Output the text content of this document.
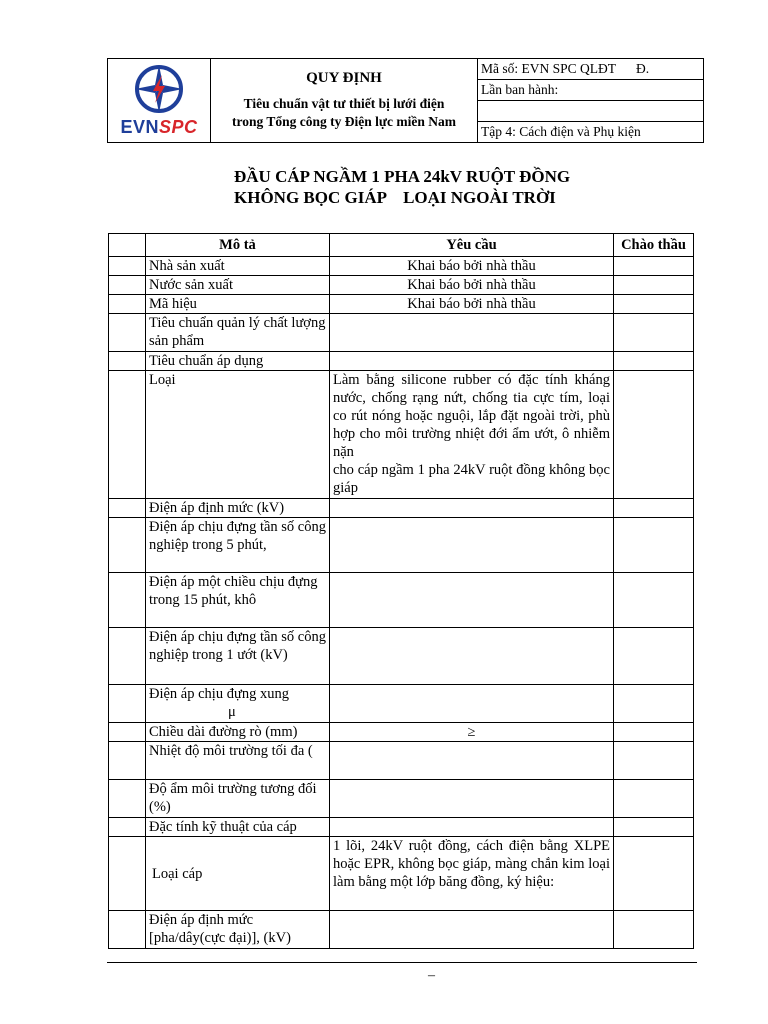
EVNSPC
QUY ĐỊNH
Tiêu chuẩn vật tư thiết bị lưới điện
trong Tổng công ty Điện lực miền Nam
Mã số: EVN SPC QLĐT      Đ.
Lần ban hành:
Tập 4: Cách điện và Phụ kiện
ĐẦU CÁP NGẦM 1 PHA 24kV RUỘT ĐỒNG
KHÔNG BỌC GIÁP    LOẠI NGOÀI TRỜI
	Mô tả	Yêu cầu	Chào thầu
	Nhà sản xuất	Khai báo bởi nhà thầu	
	Nước sản xuất	Khai báo bởi nhà thầu	
	Mã hiệu	Khai báo bởi nhà thầu	
	Tiêu chuẩn quản lý chất lượng sản phẩm		
	Tiêu chuẩn áp dụng		
	Loại	Làm bằng silicone rubber có đặc tính kháng nước, chống rạng nứt, chống tia cực tím, loại co rút nóng hoặc nguội, lắp đặt ngoài trời, phù hợp cho môi trường nhiệt đới ẩm ướt, ô nhiễm nặn
cho cáp ngầm 1 pha 24kV ruột đồng không bọc giáp	

	Điện áp định mức (kV)		
	Điện áp chịu đựng tần số công nghiệp trong 5 phút,		
	Điện áp một chiều chịu đựng trong 15 phút, khô		
	Điện áp chịu đựng tần số công nghiệp trong 1 ướt (kV)		

	Điện áp chịu đựng xung
μ		

	Chiều dài đường rò (mm)	≥	
	Nhiệt độ môi trường tối đa (		
	Độ ẩm môi trường tương đối (%)		
	Đặc tính kỹ thuật của cáp		
	Loại cáp	1 lõi, 24kV ruột đồng, cách điện bằng XLPE hoặc EPR, không bọc giáp, màng chắn kim loại làm bằng một lớp băng đồng, ký hiệu:	
	Điện áp định mức [pha/dây(cực đại)], (kV)		
–
